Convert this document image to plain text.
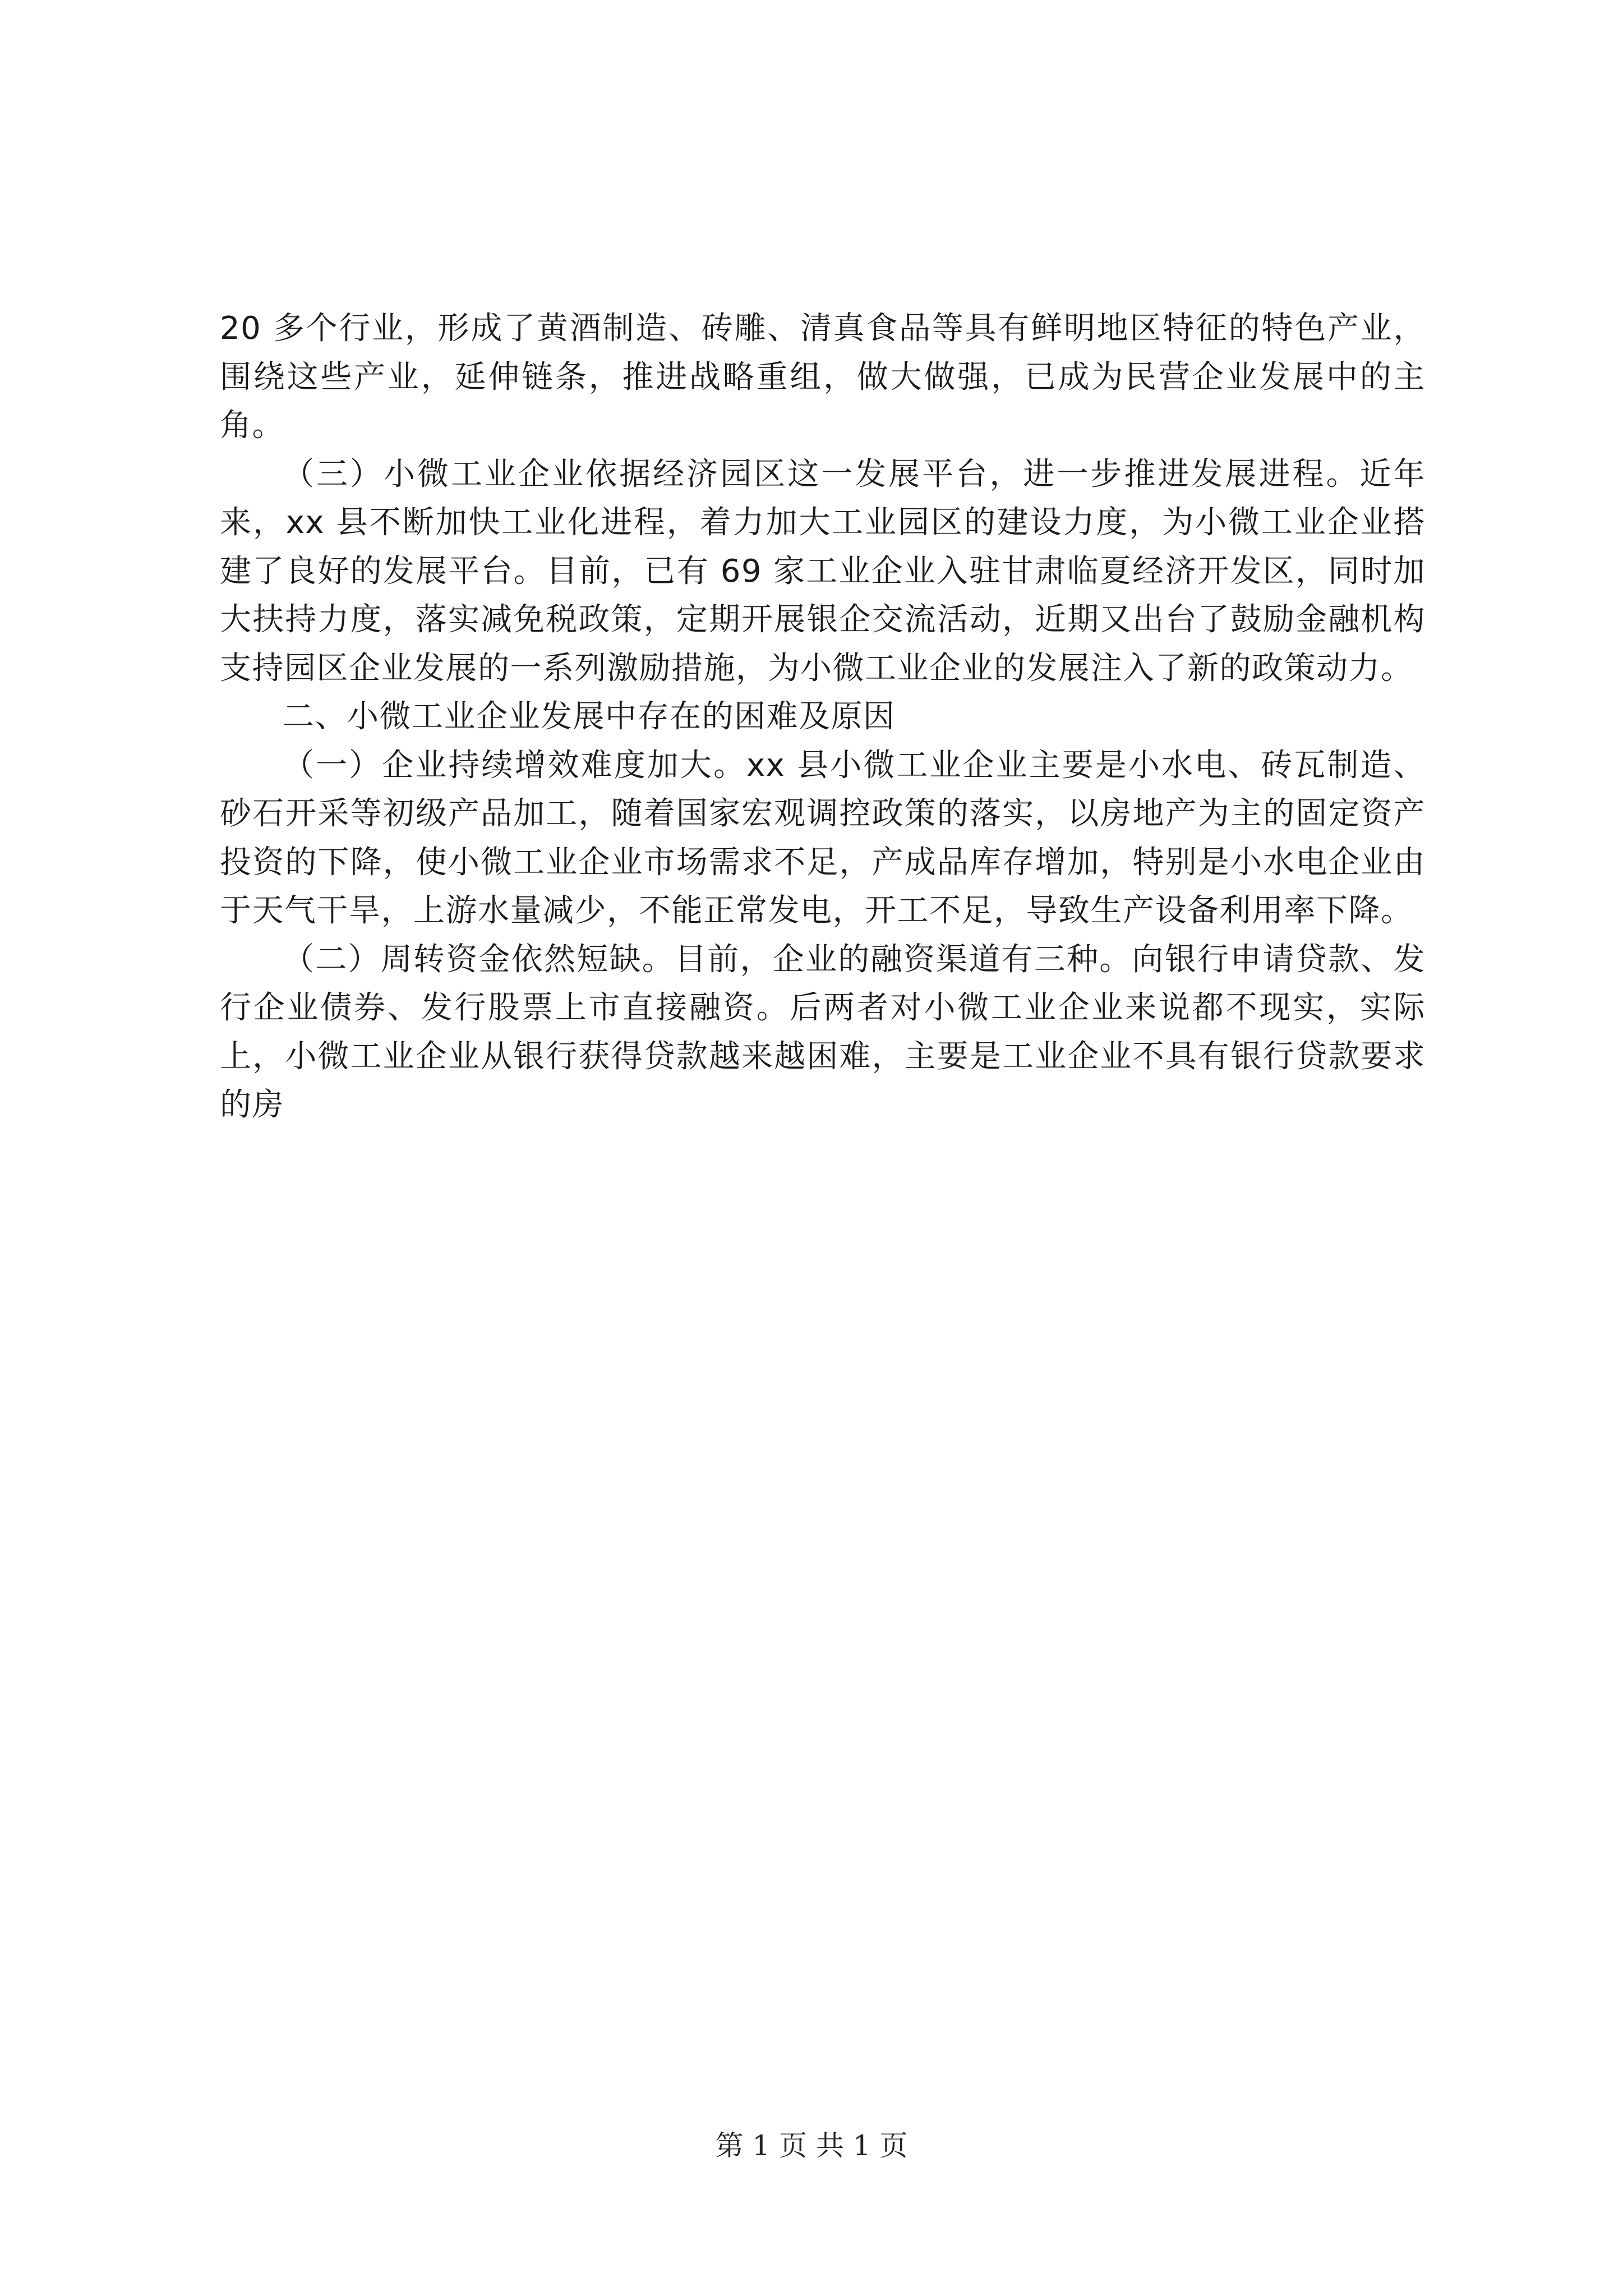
20 多个行业，形成了黄酒制造、砖雕、清真食品等具有鲜明地区特征的特色产业，围绕这些产业，延伸链条，推进战略重组，做大做强，已成为民营企业发展中的主角。

（三）小微工业企业依据经济园区这一发展平台，进一步推进发展进程。近年来，xx 县不断加快工业化进程，着力加大工业园区的建设力度，为小微工业企业搭建了良好的发展平台。目前，已有 69 家工业企业入驻甘肃临夏经济开发区，同时加大扶持力度，落实减免税政策，定期开展银企交流活动，近期又出台了鼓励金融机构支持园区企业发展的一系列激励措施，为小微工业企业的发展注入了新的政策动力。

二、小微工业企业发展中存在的困难及原因

（一）企业持续增效难度加大。xx 县小微工业企业主要是小水电、砖瓦制造、砂石开采等初级产品加工，随着国家宏观调控政策的落实，以房地产为主的固定资产投资的下降，使小微工业企业市场需求不足，产成品库存增加，特别是小水电企业由于天气干旱，上游水量减少，不能正常发电，开工不足，导致生产设备利用率下降。

（二）周转资金依然短缺。目前，企业的融资渠道有三种。向银行申请贷款、发行企业债券、发行股票上市直接融资。后两者对小微工业企业来说都不现实，实际上，小微工业企业从银行获得贷款越来越困难，主要是工业企业不具有银行贷款要求的房

第 1 页 共 1 页
